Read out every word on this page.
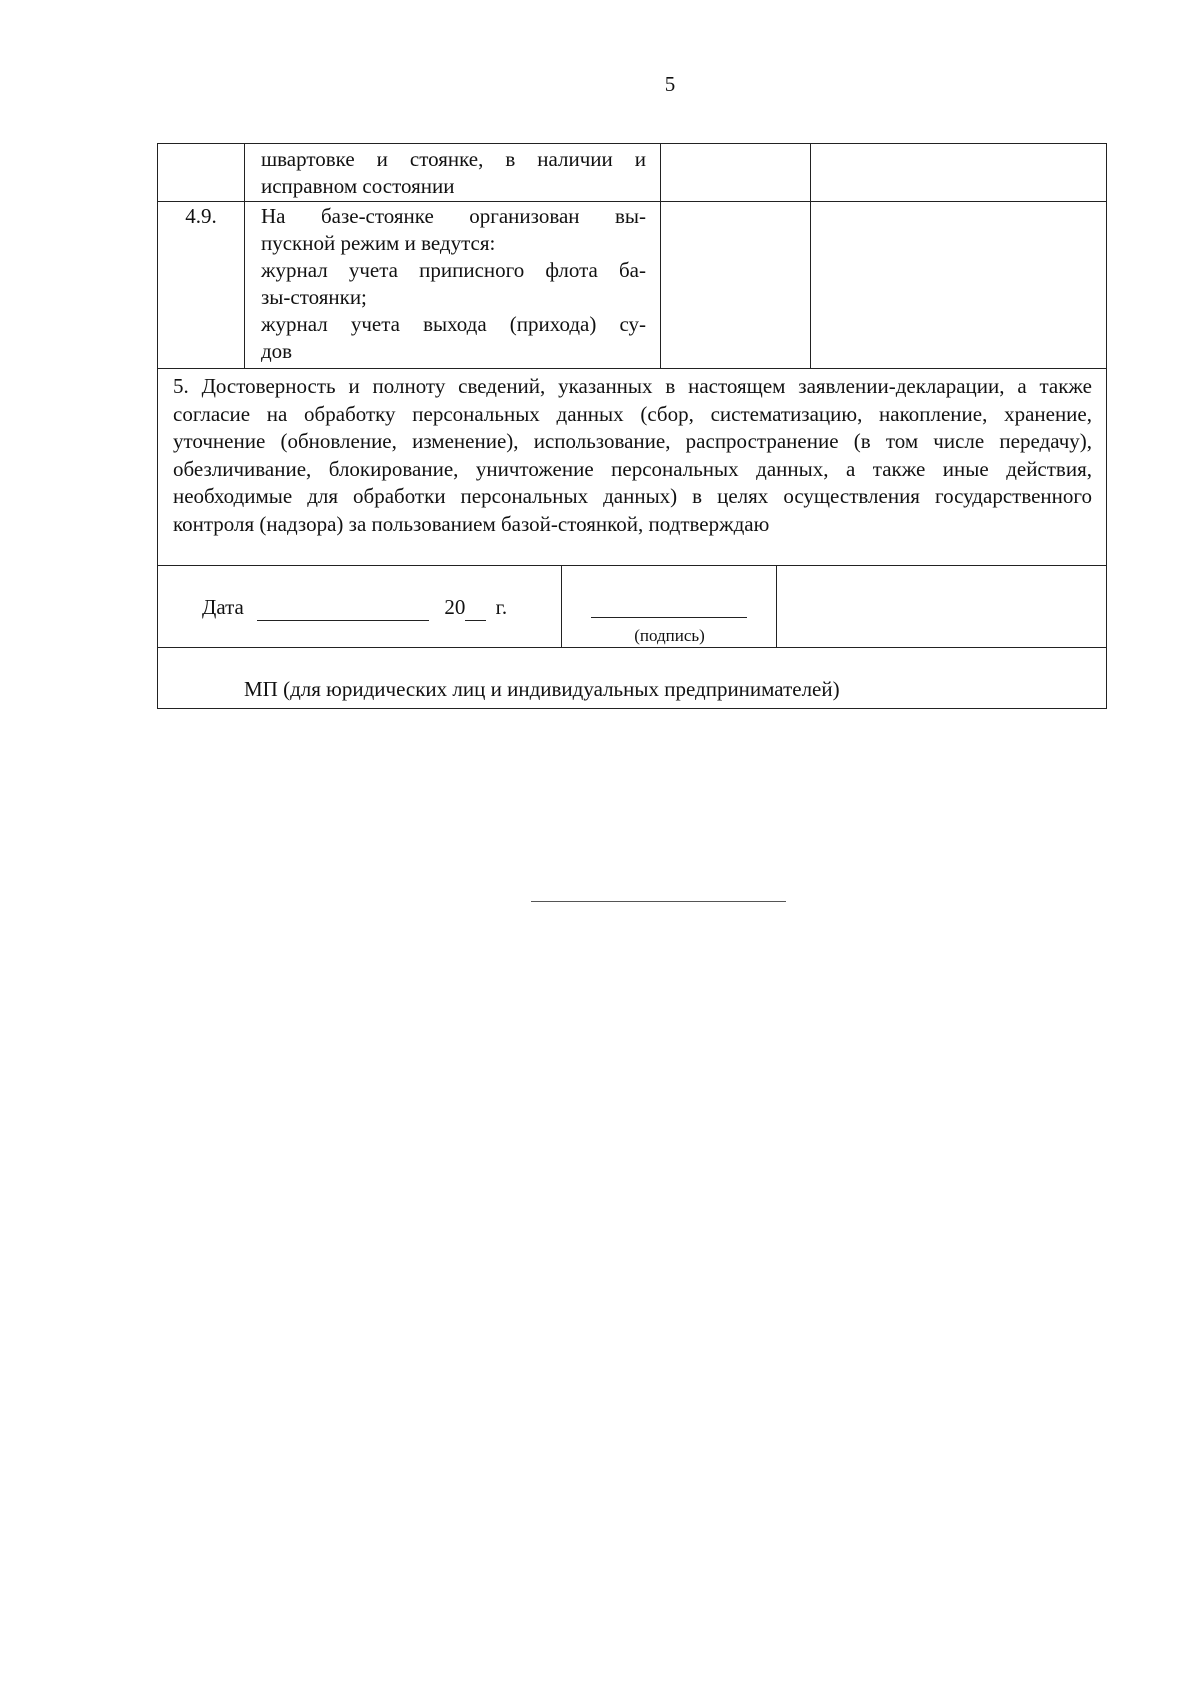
5
швартовке и стоянке, в наличии и
исправном состоянии
4.9.	На базе-стоянке организован вы-
пускной режим и ведутся:
журнал учета приписного флота ба-
зы-стоянки;
журнал учета выхода (прихода) су-
дов
5. Достоверность и полноту сведений, указанных в настоящем заявлении-декларации, а также согласие на обработку персональных данных (сбор, систематизацию, накопление, хранение, уточнение (обновление, изменение), использование, распространение (в том числе передачу), обезличивание, блокирование, уничтожение персональных данных, а также иные действия, необходимые для обработки персональных данных) в целях осуществления государственного контроля (надзора) за пользованием базой-стоянкой, подтверждаю
Дата	20 г.
(подпись)
МП (для юридических лиц и индивидуальных предпринимателей)
